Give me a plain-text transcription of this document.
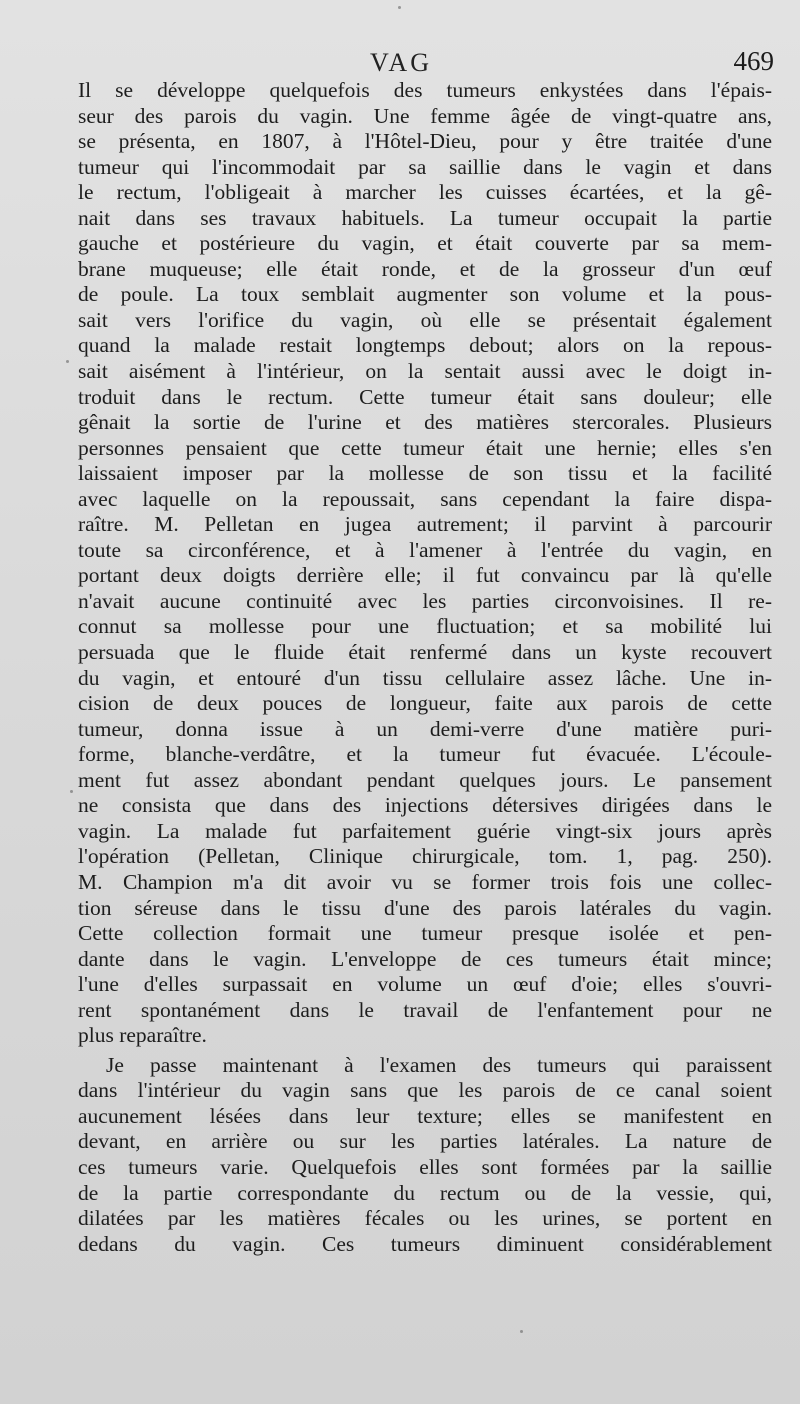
VAG	469
Il se développe quelquefois des tumeurs enkystées dans l'épais-
seur des parois du vagin. Une femme âgée de vingt-quatre ans,
se présenta, en 1807, à l'Hôtel-Dieu, pour y être traitée d'une
tumeur qui l'incommodait par sa saillie dans le vagin et dans
le rectum, l'obligeait à marcher les cuisses écartées, et la gê-
nait dans ses travaux habituels. La tumeur occupait la partie
gauche et postérieure du vagin, et était couverte par sa mem-
brane muqueuse; elle était ronde, et de la grosseur d'un œuf
de poule. La toux semblait augmenter son volume et la pous-
sait vers l'orifice du vagin, où elle se présentait également
quand la malade restait longtemps debout; alors on la repous-
sait aisément à l'intérieur, on la sentait aussi avec le doigt in-
troduit dans le rectum. Cette tumeur était sans douleur; elle
gênait la sortie de l'urine et des matières stercorales. Plusieurs
personnes pensaient que cette tumeur était une hernie; elles s'en
laissaient imposer par la mollesse de son tissu et la facilité
avec laquelle on la repoussait, sans cependant la faire dispa-
raître. M. Pelletan en jugea autrement; il parvint à parcourir
toute sa circonférence, et à l'amener à l'entrée du vagin, en
portant deux doigts derrière elle; il fut convaincu par là qu'elle
n'avait aucune continuité avec les parties circonvoisines. Il re-
connut sa mollesse pour une fluctuation; et sa mobilité lui
persuada que le fluide était renfermé dans un kyste recouvert
du vagin, et entouré d'un tissu cellulaire assez lâche. Une in-
cision de deux pouces de longueur, faite aux parois de cette
tumeur, donna issue à un demi-verre d'une matière puri-
forme, blanche-verdâtre, et la tumeur fut évacuée. L'écoule-
ment fut assez abondant pendant quelques jours. Le pansement
ne consista que dans des injections détersives dirigées dans le
vagin. La malade fut parfaitement guérie vingt-six jours après
l'opération (Pelletan, Clinique chirurgicale, tom. 1, pag. 250).
M. Champion m'a dit avoir vu se former trois fois une collec-
tion séreuse dans le tissu d'une des parois latérales du vagin.
Cette collection formait une tumeur presque isolée et pen-
dante dans le vagin. L'enveloppe de ces tumeurs était mince;
l'une d'elles surpassait en volume un œuf d'oie; elles s'ouvri-
rent spontanément dans le travail de l'enfantement pour ne
plus reparaître.
Je passe maintenant à l'examen des tumeurs qui paraissent
dans l'intérieur du vagin sans que les parois de ce canal soient
aucunement lésées dans leur texture; elles se manifestent en
devant, en arrière ou sur les parties latérales. La nature de
ces tumeurs varie. Quelquefois elles sont formées par la saillie
de la partie correspondante du rectum ou de la vessie, qui,
dilatées par les matières fécales ou les urines, se portent en
dedans du vagin. Ces tumeurs diminuent considérablement
